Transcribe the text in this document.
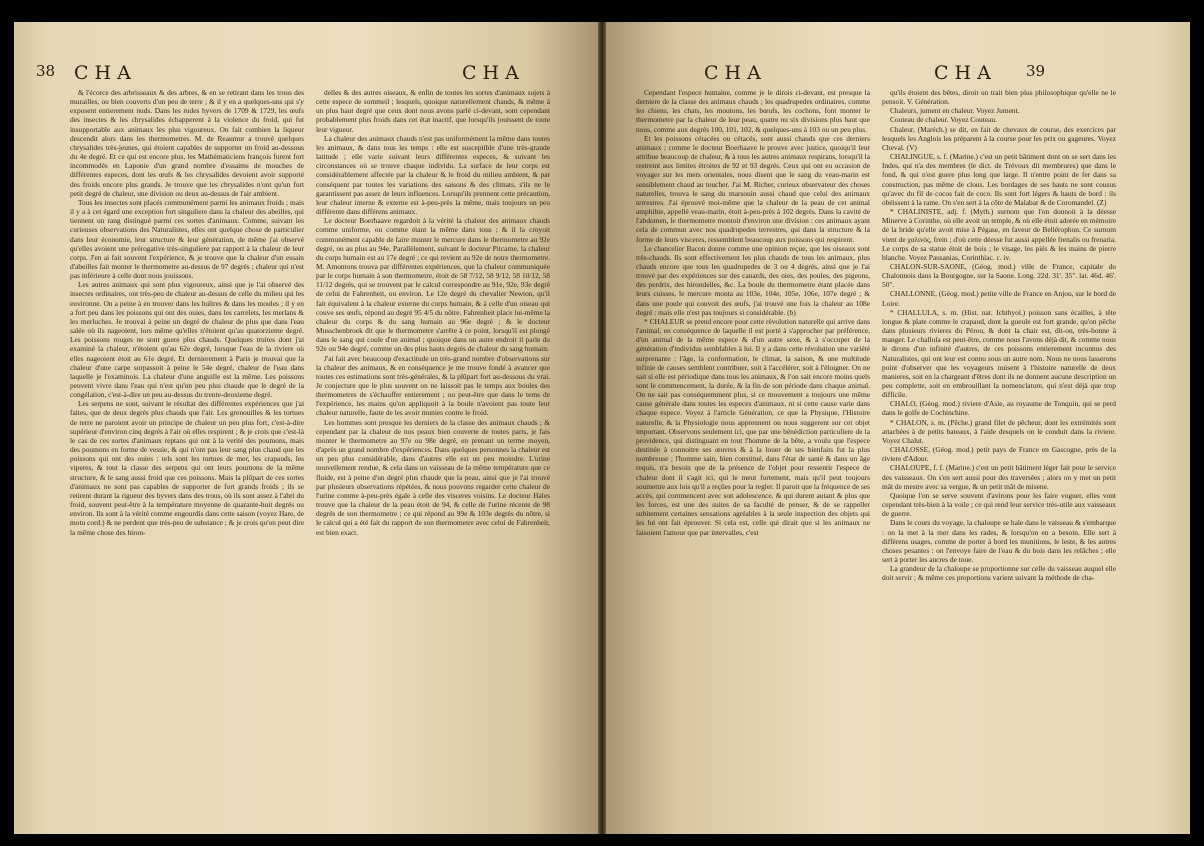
38 CHA	CHA

& l'écorce des arbrisseaux & des arbres, & en se retirant dans les trous des murailles, ou bien couverts d'un peu de terre ; & il y en a quelques-uns qui s'y exposent entierement nuds. Dans les rudes hyvers de 1709 & 1729, les œufs des insectes & les chrysalides échapperent à la violence du froid, qui fut insupportable aux animaux les plus vigoureux. On fait combien la liqueur descendit alors dans les thermometres. M. de Reaumur a trouvé quelques chrysalides très-jeunes, qui étoient capables de supporter un froid au-dessous du 4e degré. Et ce qui est encore plus, les Mathématiciens françois furent fort incommodés en Laponie d'un grand nombre d'essaims de mouches de différentes especes, dont les œufs & les chrysalides devoient avoir supporté des froids encore plus grands. Je trouve que les chrysalides n'ont qu'un fort petit degré de chaleur, une division ou deux au-dessus de l'air ambient.

Tous les insectes sont placés communément parmi les animaux froids ; mais il y a à cet égard une exception fort singuliere dans la chaleur des abeilles, qui tiennent un rang distingué parmi ces sortes d'animaux. Comme, suivant les curieuses observations des Naturalistes, elles ont quelque chose de particulier dans leur économie, leur structure & leur génération, de même j'ai observé qu'elles avoient une prérogative très-singuliere par rapport à la chaleur de leur corps. J'en ai fait souvent l'expérience, & je trouve que la chaleur d'un essain d'abeilles fait monter le thermometre au-dessus de 97 degrés ; chaleur qui n'est pas inférieure à celle dont nous jouissons.

Les autres animaux qui sont plus vigoureux, ainsi que je l'ai observé des insectes ordinaires, ont très-peu de chaleur au-dessus de celle du milieu qui les environne. On a peine à en trouver dans les huîtres & dans les moules ; il y en a fort peu dans les poissons qui ont des ouies, dans les carrelets, les merlans & les merluches. Je trouvai à peine un degré de chaleur de plus que dans l'eau salée où ils nageoient, lors même qu'elles n'étoient qu'au quatorzieme degré. Les poissons rouges ne sont guere plus chauds. Quelques truites dont j'ai examiné la chaleur, n'étoient qu'au 62e degré, lorsque l'eau de la riviere où elles nageoient étoit au 61e degré. Et dernierement à Paris je trouvai que la chaleur d'une carpe surpassoit à peine le 54e degré, chaleur de l'eau dans laquelle je l'examinois. La chaleur d'une anguille est la même. Les poissons peuvent vivre dans l'eau qui n'est qu'un peu plus chaude que le degré de la congélation, c'est-à-dire un peu au-dessus du trente-deuxieme degré.

Les serpens ne sont, suivant le résultat des différentes expériences que j'ai faites, que de deux degrés plus chauds que l'air. Les grenouilles & les tortues de terre ne paroient avoir un principe de chaleur un peu plus fort, c'est-à-dire supérieur d'environ cinq degrés à l'air où elles respirent ; & je crois que c'est-là le cas de ces sortes d'animaux reptans qui ont à la verité des poumons, mais des poumons en forme de vessie, & qui n'ont pas leur sang plus chaud que les poissons qui ont des ouies : tels sont les tortues de mer, les crapauds, les viperes, & tout la classe des serpens qui ont leurs poumons de la même structure, & le sang aussi froid que ces poissons. Mais la plûpart de ces sortes d'animaux ne sont pas capables de supporter de fort grands froids ; ils se retirent durant la rigueur des hyvers dans des trous, où ils sont assez à l'abri du froid, souvent peut-être à la température moyenne de quarante-huit degrés ou environ. Ils sont à la vérité comme engourdis dans cette saison (voyez Hare, de motu cord.) & ne perdent que très-peu de substance ; & je crois qu'on peut dire la même chose des hiron-

delles & des autres oiseaux, & enfin de toutes les sortes d'animaux sujets à cette espece de sommeil ; lesquels, quoique naturellement chauds, & même à un plus haut degré que ceux dont nous avons parlé ci-devant, sont cependant probablement plus froids dans cet état inactif, que lorsqu'ils jouissent de toute leur vigueur.

La chaleur des animaux chauds n'est pas uniformément la même dans toutes les animaux, & dans tous les temps : elle est susceptible d'une très-grande latitude ; elle varie suivant leurs différentes especes, & suivant les circonstances où se trouve chaque individu. La surface de leur corps est considérablement affectée par la chaleur & le froid du milieu ambient, & par conséquent par toutes les variations des saisons & des climats, s'ils ne le garantissent pas assez de leurs influences. Lorsqu'ils prennent cette précaution, leur chaleur interne & externe est à-peu-près la même, mais toujours un peu différente dans différens animaux.

Le docteur Boerhaave regardoit à la vérité la chaleur des animaux chauds comme uniforme, ou comme étant la même dans tous ; & il la croyoit communément capable de faire monter le mercure dans le thermometre au 92e degré, ou au plus au 94e. Parallèlement, suivant le docteur Pitcarne, la chaleur du corps humain est au 17e degré ; ce qui revient au 92e de notre thermometre. M. Amontons trouva par différentes expériences, que la chaleur communiquée par le corps humain à son thermometre, étoit de 58 7/12, 58 9/12, 58 10/12, 58 11/12 degrés, qui se trouvent par le calcul correspondre au 91e, 92e, 93e degré de celui de Fahrenheit, ou environ. Le 12e degré du chevalier Newton, qu'il fait équivalent à la chaleur externe du corps humain, & à celle d'un oiseau qui couve ses œufs, répond au degré 95 4/5 du nôtre. Fahrenheit place lui-même la chaleur du corps & du sang humain au 96e degré ; & le docteur Musschenbroek dit que le thermometre s'arrête à ce point, lorsqu'il est plongé dans le sang qui coule d'un animal ; quoique dans un autre endroit il parle du 92e ou 94e degré, comme un des plus hauts degrés de chaleur du sang humain.

J'ai fait avec beaucoup d'exactitude un très-grand nombre d'observations sur la chaleur des animaux, & en conséquence je me trouve fondé à avancer que toutes ces estimations sont très-générales, & la plûpart fort au-dessous du vrai. Je conjecture que le plus souvent on ne laissoit pas le temps aux boules des thermometres de s'échauffer entierement ; ou peut-être que dans le tems de l'expérience, les mains qu'on appliquoit à la boule n'avoient pas toute leur chaleur naturelle, faute de les avoir munies contre le froid.

Les hommes sont presque les derniers de la classe des animaux chauds ; & cependant par la chaleur de nos peaux bien couverte de toutes parts, je fais monter le thermometre au 97e ou 98e degré, en prenant un terme moyen, d'après un grand nombre d'expériences. Dans quelques personnes la chaleur est un peu plus considérable, dans d'autres elle est un peu moindre. L'urine nouvellement rendue, & cela dans un vaisseau de la même température que ce fluide, est à peine d'un degré plus chaude que la peau, ainsi que je l'ai trouvé par plusieurs observations répétées, & nous pouvons regarder cette chaleur de l'urine comme à-peu-près égale à celle des visceres voisins. Le docteur Hales trouve que la chaleur de la peau étoit de 94, & celle de l'urine récente de 98 degrés de son thermometre ; ce qui répond au 99e & 103e degrés du nôtre, si le calcul qui a été fait du rapport de son thermometre avec celui de Fahrenheit, est bien exact.

CHA	CHA 39

Cependant l'espece humaine, comme je le dirois ci-devant, est presque la derniere de la classe des animaux chauds ; les quadrupedes ordinaires, comme les chiens, les chats, les moutons, les bœufs, les cochons, font monter le thermometre par la chaleur de leur peau, quatre ou six divisions plus haut que nous, comme aux degrés 100, 101, 102, & quelques-uns à 103 ou un peu plus.

Et les poissons cétacées ou cétacés, sont aussi chauds que ces derniers animaux ; comme le docteur Boerhaave le prouve avec justice, quoiqu'il leur attribue beaucoup de chaleur, & à tous les autres animaux respirans, lorsqu'il la restreint aux limites étroites de 92 et 93 degrés. Ceux qui ont eu occasion de voyager sur les mers orientales, nous disent que le sang du veau-marin est sensiblement chaud au toucher. J'ai M. Richer, curieux observateur des choses naturelles, trouva le sang du marsouin aussi chaud que celui des animaux terrestres. J'ai éprouvé moi-même que la chaleur de la peau de cet animal amphibie, appellé veau-marin, étoit à-peu-près à 102 degrés. Dans la cavité de l'abdomen, le thermometre montoit d'environ une division : ces animaux ayant cela de commun avec nos quadrupedes terrestres, qui dans la structure & la forme de leurs visceres, ressemblent beaucoup aux poissons qui respirent.

Le chancelier Bacon donne comme une opinion reçue, que les oiseaux sont très-chauds. Ils sont effectivement les plus chauds de tous les animaux, plus chauds encore que tous les quadrupedes de 3 ou 4 degrés, ainsi que je l'ai trouvé par des expériences sur des canards, des oies, des poules, des pigeons, des perdrix, des hirondelles, &c. La boule du thermometre étant placée dans leurs cuisses, le mercure monta au 103e, 104e, 105e, 106e, 107e degré ; & dans une poule qui couvoit des œufs, j'ai trouvé une fois la chaleur au 108e degré : mais elle n'est pas toujours si considérable. (b)

* CHALEUR se prend encore pour cette révolution naturelle qui arrive dans l'animal, en conséquence de laquelle il est porté à s'approcher par préférence, d'un animal de la même espece & d'un autre sexe, & à s'occuper de la génération d'individus semblables à lui. Il y a dans cette révolution une variété surprenante : l'âge, la conformation, le climat, la saison, & une multitude infinie de causes semblent contribuer, soit à l'accélérer, soit à l'éloigner. On ne sait si elle est périodique dans tous les animaux, & l'on sait encore moins quels sont le commencement, la durée, & la fin de son période dans chaque animal. On ne sait pas conséquemment plus, si ce mouvement a toujours une même cause générale dans toutes les especes d'animaux, ni si cette cause varie dans chaque espece. Voyez à l'article Génération, ce que la Physique, l'Histoire naturelle, & la Physiologie nous apprennent ou nous suggerent sur cet objet important. Observons seulement ici, que par une bénédiction particuliere de la providence, qui distinguant en tout l'homme de la bête, a voulu que l'espece destinée à connoitre ses œuvres & à la louer de ses bienfaits fut la plus nombreuse ; l'homme sain, bien constitué, dans l'état de santé & dans un âge requis, n'a besoin que de la présence de l'objet pour ressentir l'espece de chaleur dont il s'agit ici, qui le meut fortement, mais qu'il peut toujours soumettre aux lois qu'il a reçûes pour la regler. Il paroit que la fréquence de ses accès, qui commencent avec son adolescence, & qui durent autant & plus que les forces, est une des suites de sa faculté de penser, & de se rappeller subitement certaines sensations agréables à la seule inspection des objets qui les lui ont fait éprouver. Si cela est, celle qui dirait que si les animaux ne faisoient l'amour que par intervalles, c'est

qu'ils étoient des bêtes, diroit un trait bien plus philosophique qu'elle ne le pensoit. V. Génération.

Chaleurs, jument en chaleur. Voyez Jument.

Couteau de chaleur. Voyez Couteau.

Chaleur, (Maréch.) se dit, en fait de chevaux de course, des exercices par lesquels les Anglois les préparent à la course pour les prix ou gageures. Voyez Cheval. (V)

CHALINGUE, s. f. (Marine.) c'est un petit bâtiment dont on se sert dans les Indes, qui n'a des membres (le dict. de Trévoux dit membrures) que dans le fond, & qui n'est guere plus long que large. Il n'entre point de fer dans sa construction, pas même de clous. Les bordages de ses hauts ne sont cousus qu'avec du fil de cocos fait de coco. Ils sont fort légers & hauts de bord : ils obéissent à la rame. On s'en sert à la côte de Malabar & de Coromandel. (Z)

* CHALINISTE, adj. f. (Myth.) surnom que l'on donnoit à la déesse Minerve à Corinthe, où elle avoit un temple, & où elle étoit adorée en mémoire de la bride qu'elle avoit mise à Pégase, en faveur de Bellérophon. Ce surnom vient de χαλινός, frein ; d'où cette déesse fut aussi appellée frenalis ou frenaria. Le corps de sa statue étoit de bois ; le visage, les piés & les mains de pierre blanche. Voyez Pausanias, Corinthiac. c. iv.

CHALON-SUR-SAONE, (Géog. mod.) ville de France, capitale du Chalonnois dans la Bourgogne, sur la Saone. Long. 22d. 31'. 35". lat. 46d. 46'. 50".

CHALLONNE, (Géog. mod.) petite ville de France en Anjou, sur le bord de Loire.

* CHALLULA, s. m. (Hist. nat. Ichthyol.) poisson sans écailles, à tête longue & plate comme le crapaud, dont la gueule est fort grande, qu'on pêche dans plusieurs rivieres du Pérou, & dont la chair est, dit-on, très-bonne à manger. Le challula est peut-être, comme nous l'avons déjà dit, & comme nous le dirons d'un infinité d'autres, de ces poissons entierement inconnus des Naturalistes, qui ont leur est connu sous un autre nom. Nous ne nous lasserons point d'observer que les voyageurs nuisent à l'histoire naturelle de deux manieres, soit en la chargeant d'êtres dont ils ne donnent aucune description un peu complette, soit en embrouillant la nomenclature, qui n'est déjà que trop difficile.

CHALO, (Géog. mod.) riviere d'Asie, au royaume de Tonquin, qui se perd dans le golfe de Cochinchine.

* CHALON, s. m. (Pêche.) grand filet de pêcheur, dont les extrémités sont attachées à de petits bateaux, à l'aide desquels on le conduit dans la riviere. Voyez Chalut.

CHALOSSE, (Géog. mod.) petit pays de France en Gascogne, près de la riviere d'Adour.

CHALOUPE, f. f. (Marine.) c'est un petit bâtiment léger fait pour le service des vaisseaux. On s'en sert aussi pour des traversées ; alors on y met un petit mât de mestre avec sa vergue, & un petit mât de misene.

Quoique l'on se serve souvent d'avirons pour les faire voguer, elles vont cependant très-bien à la voile ; ce qui rend leur service très-utile aux vaisseaux de guerre.

Dans le cours du voyage, la chaloupe se hale dans le vaisseau & s'embarque : on la met à la mer dans les rades, & lorsqu'on en a besoin. Elle sert à différens usages, comme de porter à bord les munitions, le leste, & les autres choses pesantes : on l'envoye faire de l'eau & du bois dans les relâches ; elle sert à porter les ancres de toue.

La grandeur de la chaloupe se proportionne sur celle du vaisseau auquel elle doit servir ; & même ces proportions varient suivant la méthode de cha-
